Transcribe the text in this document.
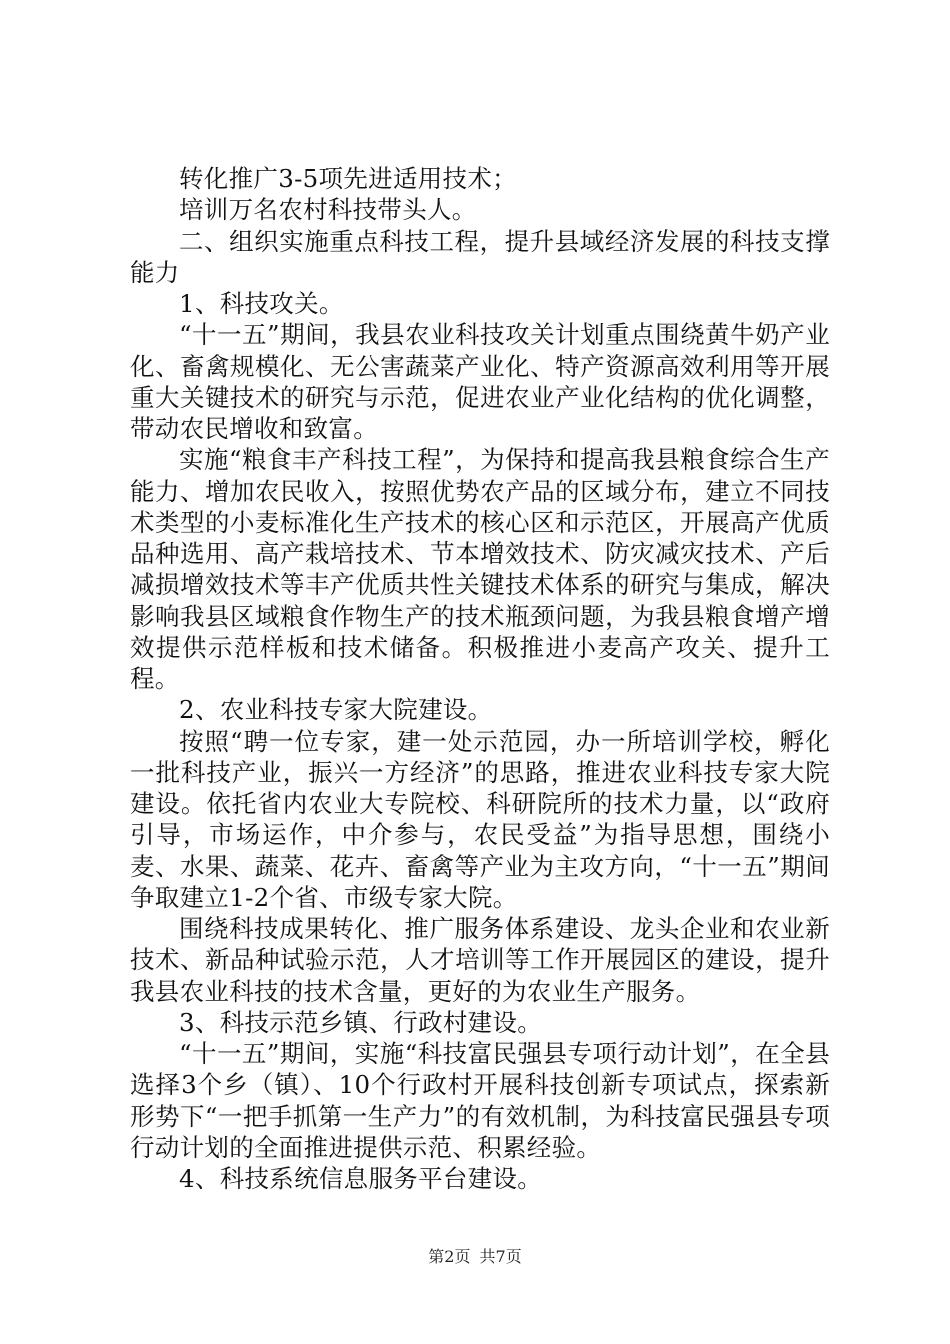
转化推广3-5项先进适用技术；

培训万名农村科技带头人。

二、组织实施重点科技工程，提升县域经济发展的科技支撑能力

1、科技攻关。

“十一五”期间，我县农业科技攻关计划重点围绕黄牛奶产业化、畜禽规模化、无公害蔬菜产业化、特产资源高效利用等开展重大关键技术的研究与示范，促进农业产业化结构的优化调整，带动农民增收和致富。

实施“粮食丰产科技工程”，为保持和提高我县粮食综合生产能力、增加农民收入，按照优势农产品的区域分布，建立不同技术类型的小麦标准化生产技术的核心区和示范区，开展高产优质品种选用、高产栽培技术、节本增效技术、防灾减灾技术、产后减损增效技术等丰产优质共性关键技术体系的研究与集成，解决影响我县区域粮食作物生产的技术瓶颈问题，为我县粮食增产增效提供示范样板和技术储备。积极推进小麦高产攻关、提升工程。

2、农业科技专家大院建设。

按照“聘一位专家，建一处示范园，办一所培训学校，孵化一批科技产业，振兴一方经济”的思路，推进农业科技专家大院建设。依托省内农业大专院校、科研院所的技术力量，以“政府引导，市场运作，中介参与，农民受益”为指导思想，围绕小麦、水果、蔬菜、花卉、畜禽等产业为主攻方向，“十一五”期间争取建立1-2个省、市级专家大院。

围绕科技成果转化、推广服务体系建设、龙头企业和农业新技术、新品种试验示范，人才培训等工作开展园区的建设，提升我县农业科技的技术含量，更好的为农业生产服务。

3、科技示范乡镇、行政村建设。

“十一五”期间，实施“科技富民强县专项行动计划”，在全县选择3个乡（镇）、10个行政村开展科技创新专项试点，探索新形势下“一把手抓第一生产力”的有效机制，为科技富民强县专项行动计划的全面推进提供示范、积累经验。

4、科技系统信息服务平台建设。

第2页 共7页
